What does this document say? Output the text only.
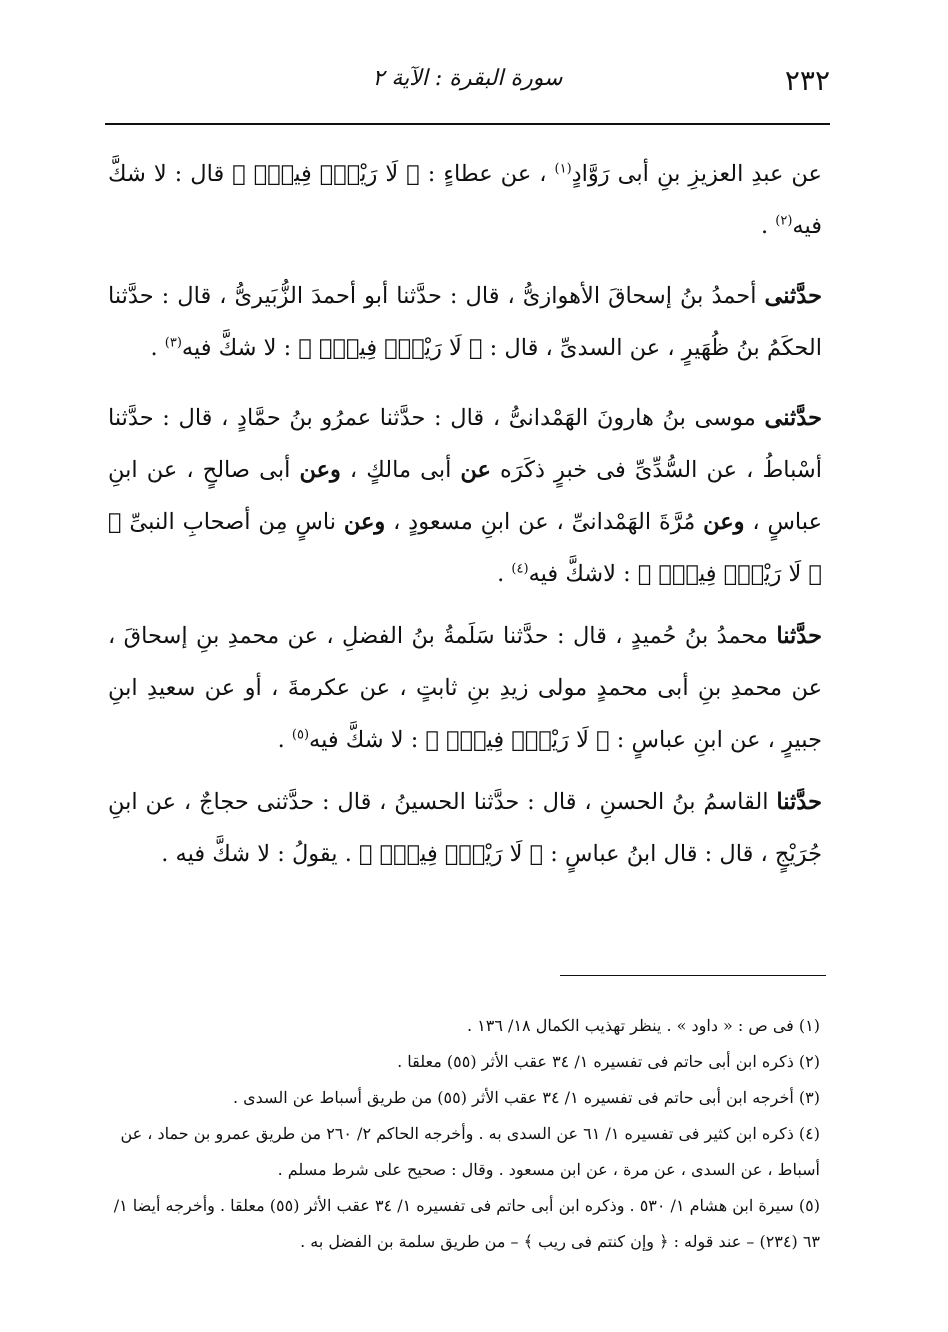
٢٣٢
سورة البقرة : الآية ٢

عن عبدِ العزيزِ بنِ أبى رَوَّادٍ$^{(١)}$ ، عن عطاءٍ : ﴿ لَا رَيْبَۛ فِيهِۛ ﴾ قال : لا شكَّ فيه$^{(٢)}$ .

حدَّثنى أحمدُ بنُ إسحاقَ الأهوازىُّ ، قال : حدَّثنا أبو أحمدَ الزُّبَيرىُّ ، قال : حدَّثنا الحكَمُ بنُ ظُهَيرٍ ، عن السدىِّ ، قال : ﴿ لَا رَيْبَۛ فِيهِۛ ﴾ : لا شكَّ فيه$^{(٣)}$ .

حدَّثنى موسى بنُ هارونَ الهَمْدانىُّ ، قال : حدَّثنا عمرُو بنُ حمَّادٍ ، قال : حدَّثنا أسْباطُ ، عن السُّدِّىِّ فى خبرٍ ذكَرَه عن أبى مالكٍ ، وعن أبى صالحٍ ، عن ابنِ عباسٍ ، وعن مُرَّةَ الهَمْدانىِّ ، عن ابنِ مسعودٍ ، وعن ناسٍ مِن أصحابِ النبىِّ ﷺ ﴿ لَا رَيْبَۛ فِيهِۛ ﴾ : لاشكَّ فيه$^{(٤)}$ .

حدَّثنا محمدُ بنُ حُميدٍ ، قال : حدَّثنا سَلَمةُ بنُ الفضلِ ، عن محمدِ بنِ إسحاقَ ، عن محمدِ بنِ أبى محمدٍ مولى زيدِ بنِ ثابتٍ ، عن عكرمةَ ، أو عن سعيدِ ابنِ جبيرٍ ، عن ابنِ عباسٍ : ﴿ لَا رَيْبَۛ فِيهِۛ ﴾ : لا شكَّ فيه$^{(٥)}$ .

حدَّثنا القاسمُ بنُ الحسنِ ، قال : حدَّثنا الحسينُ ، قال : حدَّثنى حجاجٌ ، عن ابنِ جُرَيْجٍ ، قال : قال ابنُ عباسٍ : ﴿ لَا رَيْبَۛ فِيهِۛ ﴾ . يقولُ : لا شكَّ فيه .

(١) فى ص : « داود » . ينظر تهذيب الكمال ١٨/ ١٣٦ .

(٢) ذكره ابن أبى حاتم فى تفسيره ١/ ٣٤ عقب الأثر (٥٥) معلقا .

(٣) أخرجه ابن أبى حاتم فى تفسيره ١/ ٣٤ عقب الأثر (٥٥) من طريق أسباط عن السدى .

(٤) ذكره ابن كثير فى تفسيره ١/ ٦١ عن السدى به . وأخرجه الحاكم ٢/ ٢٦٠ من طريق عمرو بن حماد ، عن أسباط ، عن السدى ، عن مرة ، عن ابن مسعود . وقال : صحيح على شرط مسلم .

(٥) سيرة ابن هشام ١/ ٥٣٠ . وذكره ابن أبى حاتم فى تفسيره ١/ ٣٤ عقب الأثر (٥٥) معلقا . وأخرجه أيضا ١/ ٦٣ (٢٣٤) – عند قوله : ﴿ وإن كنتم فى ريب ﴾ – من طريق سلمة بن الفضل به .
